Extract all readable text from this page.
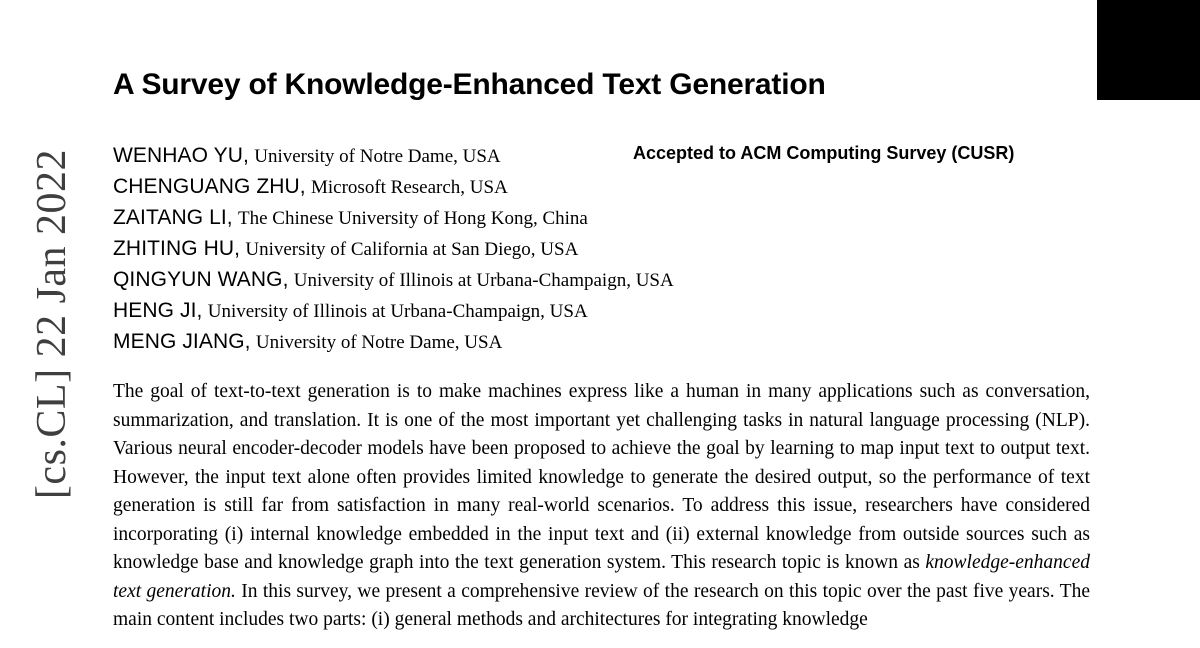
[cs.CL] 22 Jan 2022
A Survey of Knowledge-Enhanced Text Generation
Accepted to ACM Computing Survey (CUSR)
WENHAO YU, University of Notre Dame, USA
CHENGUANG ZHU, Microsoft Research, USA
ZAITANG LI, The Chinese University of Hong Kong, China
ZHITING HU, University of California at San Diego, USA
QINGYUN WANG, University of Illinois at Urbana-Champaign, USA
HENG JI, University of Illinois at Urbana-Champaign, USA
MENG JIANG, University of Notre Dame, USA
The goal of text-to-text generation is to make machines express like a human in many applications such as conversation, summarization, and translation. It is one of the most important yet challenging tasks in natural language processing (NLP). Various neural encoder-decoder models have been proposed to achieve the goal by learning to map input text to output text. However, the input text alone often provides limited knowledge to generate the desired output, so the performance of text generation is still far from satisfaction in many real-world scenarios. To address this issue, researchers have considered incorporating (i) internal knowledge embedded in the input text and (ii) external knowledge from outside sources such as knowledge base and knowledge graph into the text generation system. This research topic is known as knowledge-enhanced text generation. In this survey, we present a comprehensive review of the research on this topic over the past five years. The main content includes two parts: (i) general methods and architectures for integrating knowledge
